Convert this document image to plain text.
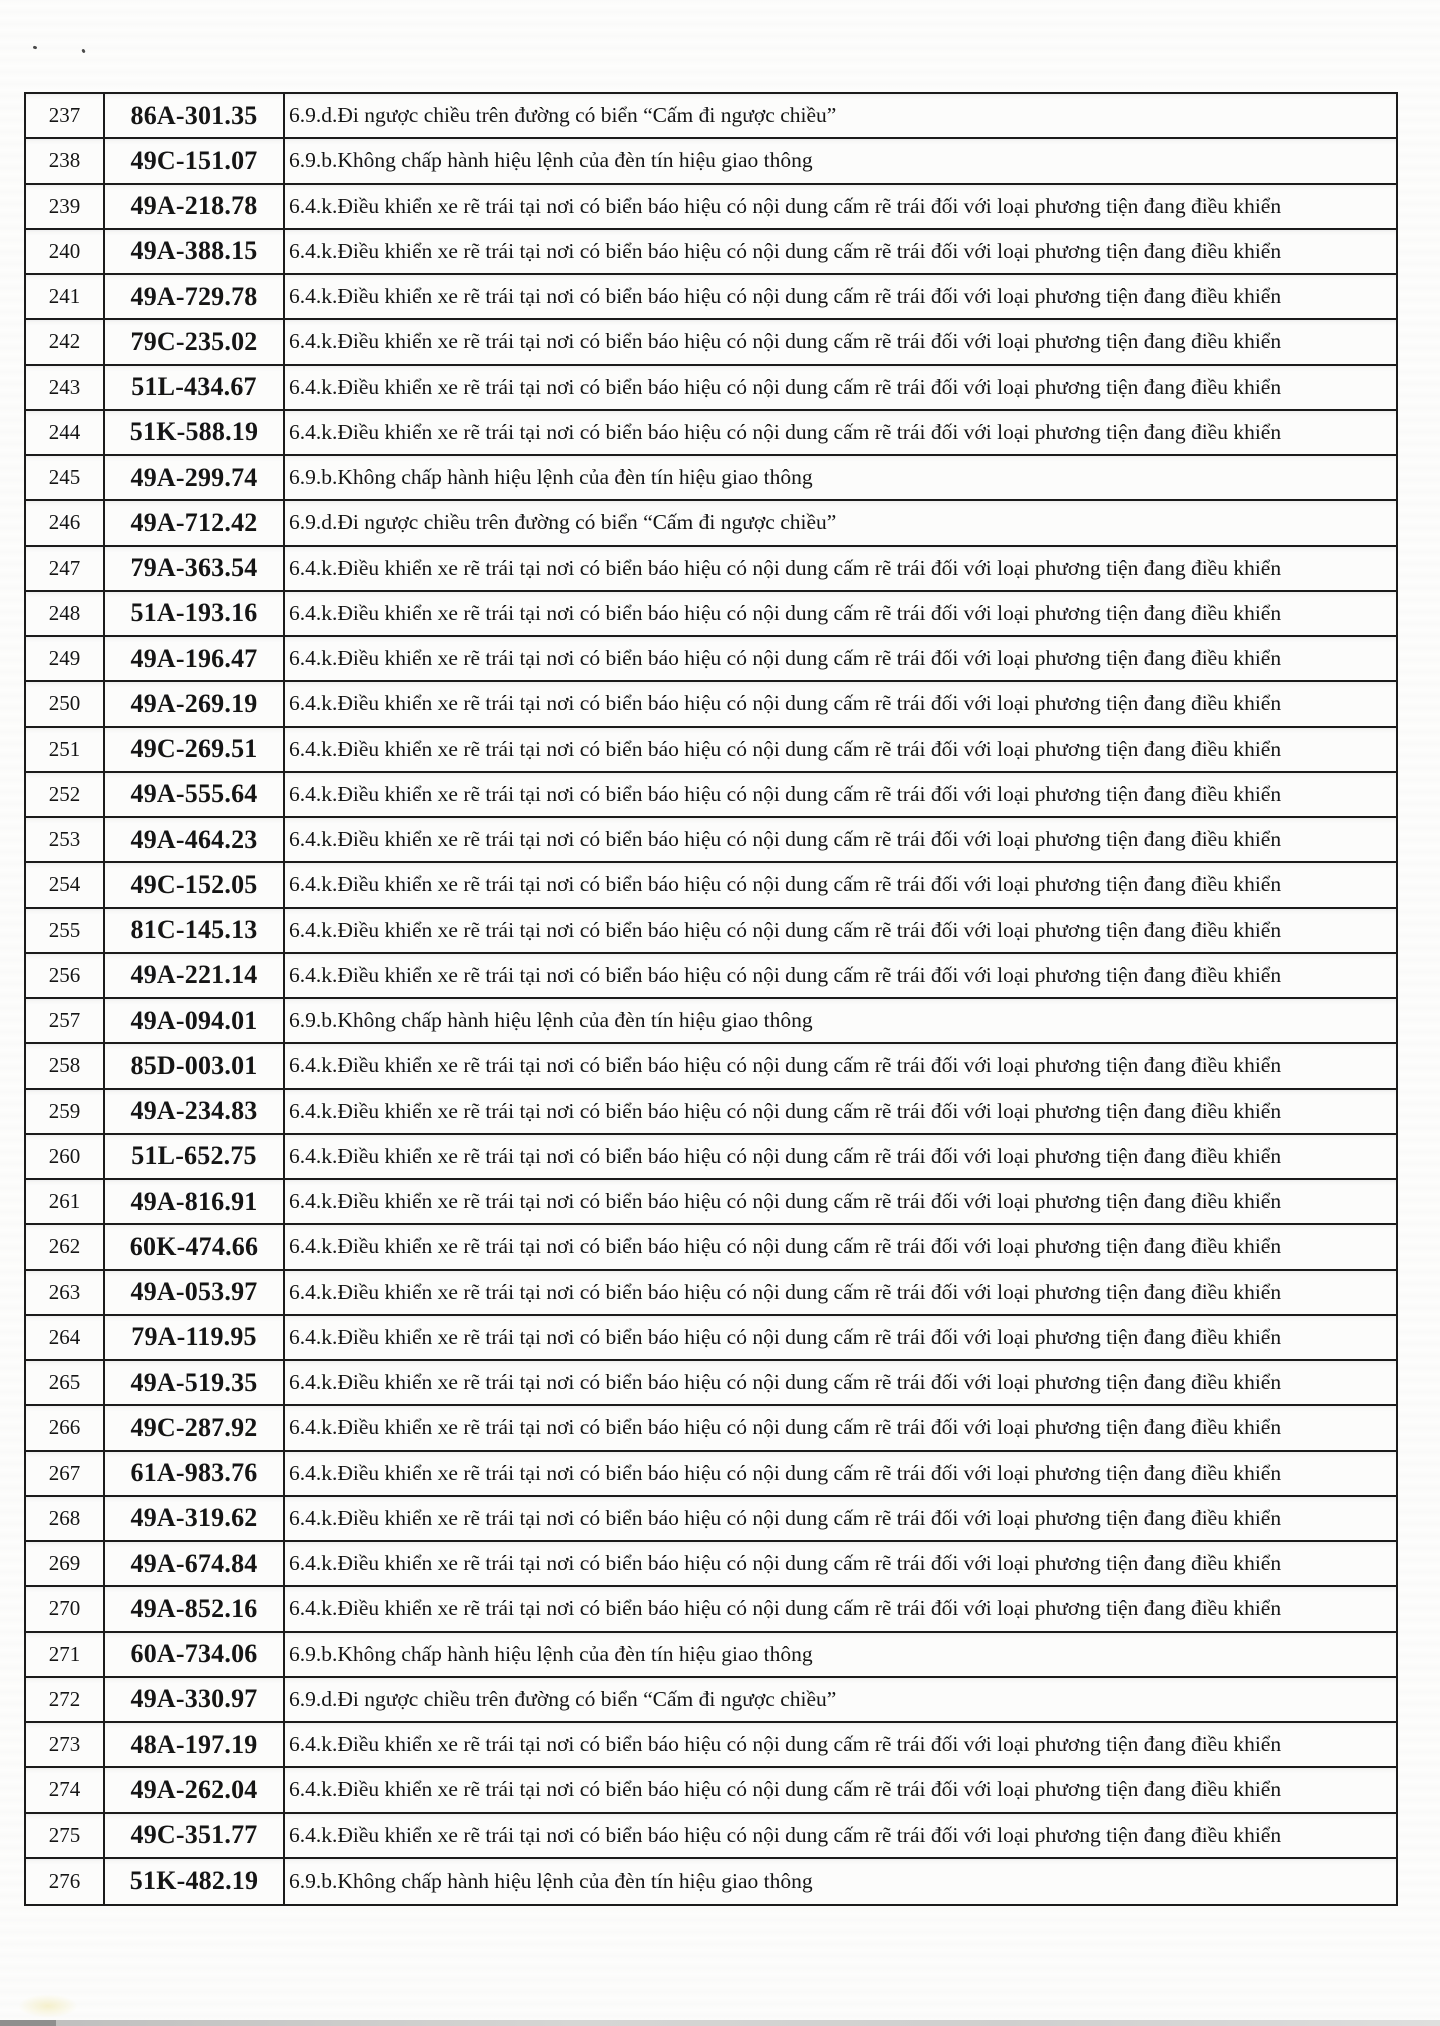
237	86A-301.35	6.9.d.Đi ngược chiều trên đường có biển “Cấm đi ngược chiều”
238	49C-151.07	6.9.b.Không chấp hành hiệu lệnh của đèn tín hiệu giao thông
239	49A-218.78	6.4.k.Điều khiển xe rẽ trái tại nơi có biển báo hiệu có nội dung cấm rẽ trái đối với loại phương tiện đang điều khiển
240	49A-388.15	6.4.k.Điều khiển xe rẽ trái tại nơi có biển báo hiệu có nội dung cấm rẽ trái đối với loại phương tiện đang điều khiển
241	49A-729.78	6.4.k.Điều khiển xe rẽ trái tại nơi có biển báo hiệu có nội dung cấm rẽ trái đối với loại phương tiện đang điều khiển
242	79C-235.02	6.4.k.Điều khiển xe rẽ trái tại nơi có biển báo hiệu có nội dung cấm rẽ trái đối với loại phương tiện đang điều khiển
243	51L-434.67	6.4.k.Điều khiển xe rẽ trái tại nơi có biển báo hiệu có nội dung cấm rẽ trái đối với loại phương tiện đang điều khiển
244	51K-588.19	6.4.k.Điều khiển xe rẽ trái tại nơi có biển báo hiệu có nội dung cấm rẽ trái đối với loại phương tiện đang điều khiển
245	49A-299.74	6.9.b.Không chấp hành hiệu lệnh của đèn tín hiệu giao thông
246	49A-712.42	6.9.d.Đi ngược chiều trên đường có biển “Cấm đi ngược chiều”
247	79A-363.54	6.4.k.Điều khiển xe rẽ trái tại nơi có biển báo hiệu có nội dung cấm rẽ trái đối với loại phương tiện đang điều khiển
248	51A-193.16	6.4.k.Điều khiển xe rẽ trái tại nơi có biển báo hiệu có nội dung cấm rẽ trái đối với loại phương tiện đang điều khiển
249	49A-196.47	6.4.k.Điều khiển xe rẽ trái tại nơi có biển báo hiệu có nội dung cấm rẽ trái đối với loại phương tiện đang điều khiển
250	49A-269.19	6.4.k.Điều khiển xe rẽ trái tại nơi có biển báo hiệu có nội dung cấm rẽ trái đối với loại phương tiện đang điều khiển
251	49C-269.51	6.4.k.Điều khiển xe rẽ trái tại nơi có biển báo hiệu có nội dung cấm rẽ trái đối với loại phương tiện đang điều khiển
252	49A-555.64	6.4.k.Điều khiển xe rẽ trái tại nơi có biển báo hiệu có nội dung cấm rẽ trái đối với loại phương tiện đang điều khiển
253	49A-464.23	6.4.k.Điều khiển xe rẽ trái tại nơi có biển báo hiệu có nội dung cấm rẽ trái đối với loại phương tiện đang điều khiển
254	49C-152.05	6.4.k.Điều khiển xe rẽ trái tại nơi có biển báo hiệu có nội dung cấm rẽ trái đối với loại phương tiện đang điều khiển
255	81C-145.13	6.4.k.Điều khiển xe rẽ trái tại nơi có biển báo hiệu có nội dung cấm rẽ trái đối với loại phương tiện đang điều khiển
256	49A-221.14	6.4.k.Điều khiển xe rẽ trái tại nơi có biển báo hiệu có nội dung cấm rẽ trái đối với loại phương tiện đang điều khiển
257	49A-094.01	6.9.b.Không chấp hành hiệu lệnh của đèn tín hiệu giao thông
258	85D-003.01	6.4.k.Điều khiển xe rẽ trái tại nơi có biển báo hiệu có nội dung cấm rẽ trái đối với loại phương tiện đang điều khiển
259	49A-234.83	6.4.k.Điều khiển xe rẽ trái tại nơi có biển báo hiệu có nội dung cấm rẽ trái đối với loại phương tiện đang điều khiển
260	51L-652.75	6.4.k.Điều khiển xe rẽ trái tại nơi có biển báo hiệu có nội dung cấm rẽ trái đối với loại phương tiện đang điều khiển
261	49A-816.91	6.4.k.Điều khiển xe rẽ trái tại nơi có biển báo hiệu có nội dung cấm rẽ trái đối với loại phương tiện đang điều khiển
262	60K-474.66	6.4.k.Điều khiển xe rẽ trái tại nơi có biển báo hiệu có nội dung cấm rẽ trái đối với loại phương tiện đang điều khiển
263	49A-053.97	6.4.k.Điều khiển xe rẽ trái tại nơi có biển báo hiệu có nội dung cấm rẽ trái đối với loại phương tiện đang điều khiển
264	79A-119.95	6.4.k.Điều khiển xe rẽ trái tại nơi có biển báo hiệu có nội dung cấm rẽ trái đối với loại phương tiện đang điều khiển
265	49A-519.35	6.4.k.Điều khiển xe rẽ trái tại nơi có biển báo hiệu có nội dung cấm rẽ trái đối với loại phương tiện đang điều khiển
266	49C-287.92	6.4.k.Điều khiển xe rẽ trái tại nơi có biển báo hiệu có nội dung cấm rẽ trái đối với loại phương tiện đang điều khiển
267	61A-983.76	6.4.k.Điều khiển xe rẽ trái tại nơi có biển báo hiệu có nội dung cấm rẽ trái đối với loại phương tiện đang điều khiển
268	49A-319.62	6.4.k.Điều khiển xe rẽ trái tại nơi có biển báo hiệu có nội dung cấm rẽ trái đối với loại phương tiện đang điều khiển
269	49A-674.84	6.4.k.Điều khiển xe rẽ trái tại nơi có biển báo hiệu có nội dung cấm rẽ trái đối với loại phương tiện đang điều khiển
270	49A-852.16	6.4.k.Điều khiển xe rẽ trái tại nơi có biển báo hiệu có nội dung cấm rẽ trái đối với loại phương tiện đang điều khiển
271	60A-734.06	6.9.b.Không chấp hành hiệu lệnh của đèn tín hiệu giao thông
272	49A-330.97	6.9.d.Đi ngược chiều trên đường có biển “Cấm đi ngược chiều”
273	48A-197.19	6.4.k.Điều khiển xe rẽ trái tại nơi có biển báo hiệu có nội dung cấm rẽ trái đối với loại phương tiện đang điều khiển
274	49A-262.04	6.4.k.Điều khiển xe rẽ trái tại nơi có biển báo hiệu có nội dung cấm rẽ trái đối với loại phương tiện đang điều khiển
275	49C-351.77	6.4.k.Điều khiển xe rẽ trái tại nơi có biển báo hiệu có nội dung cấm rẽ trái đối với loại phương tiện đang điều khiển
276	51K-482.19	6.9.b.Không chấp hành hiệu lệnh của đèn tín hiệu giao thông
